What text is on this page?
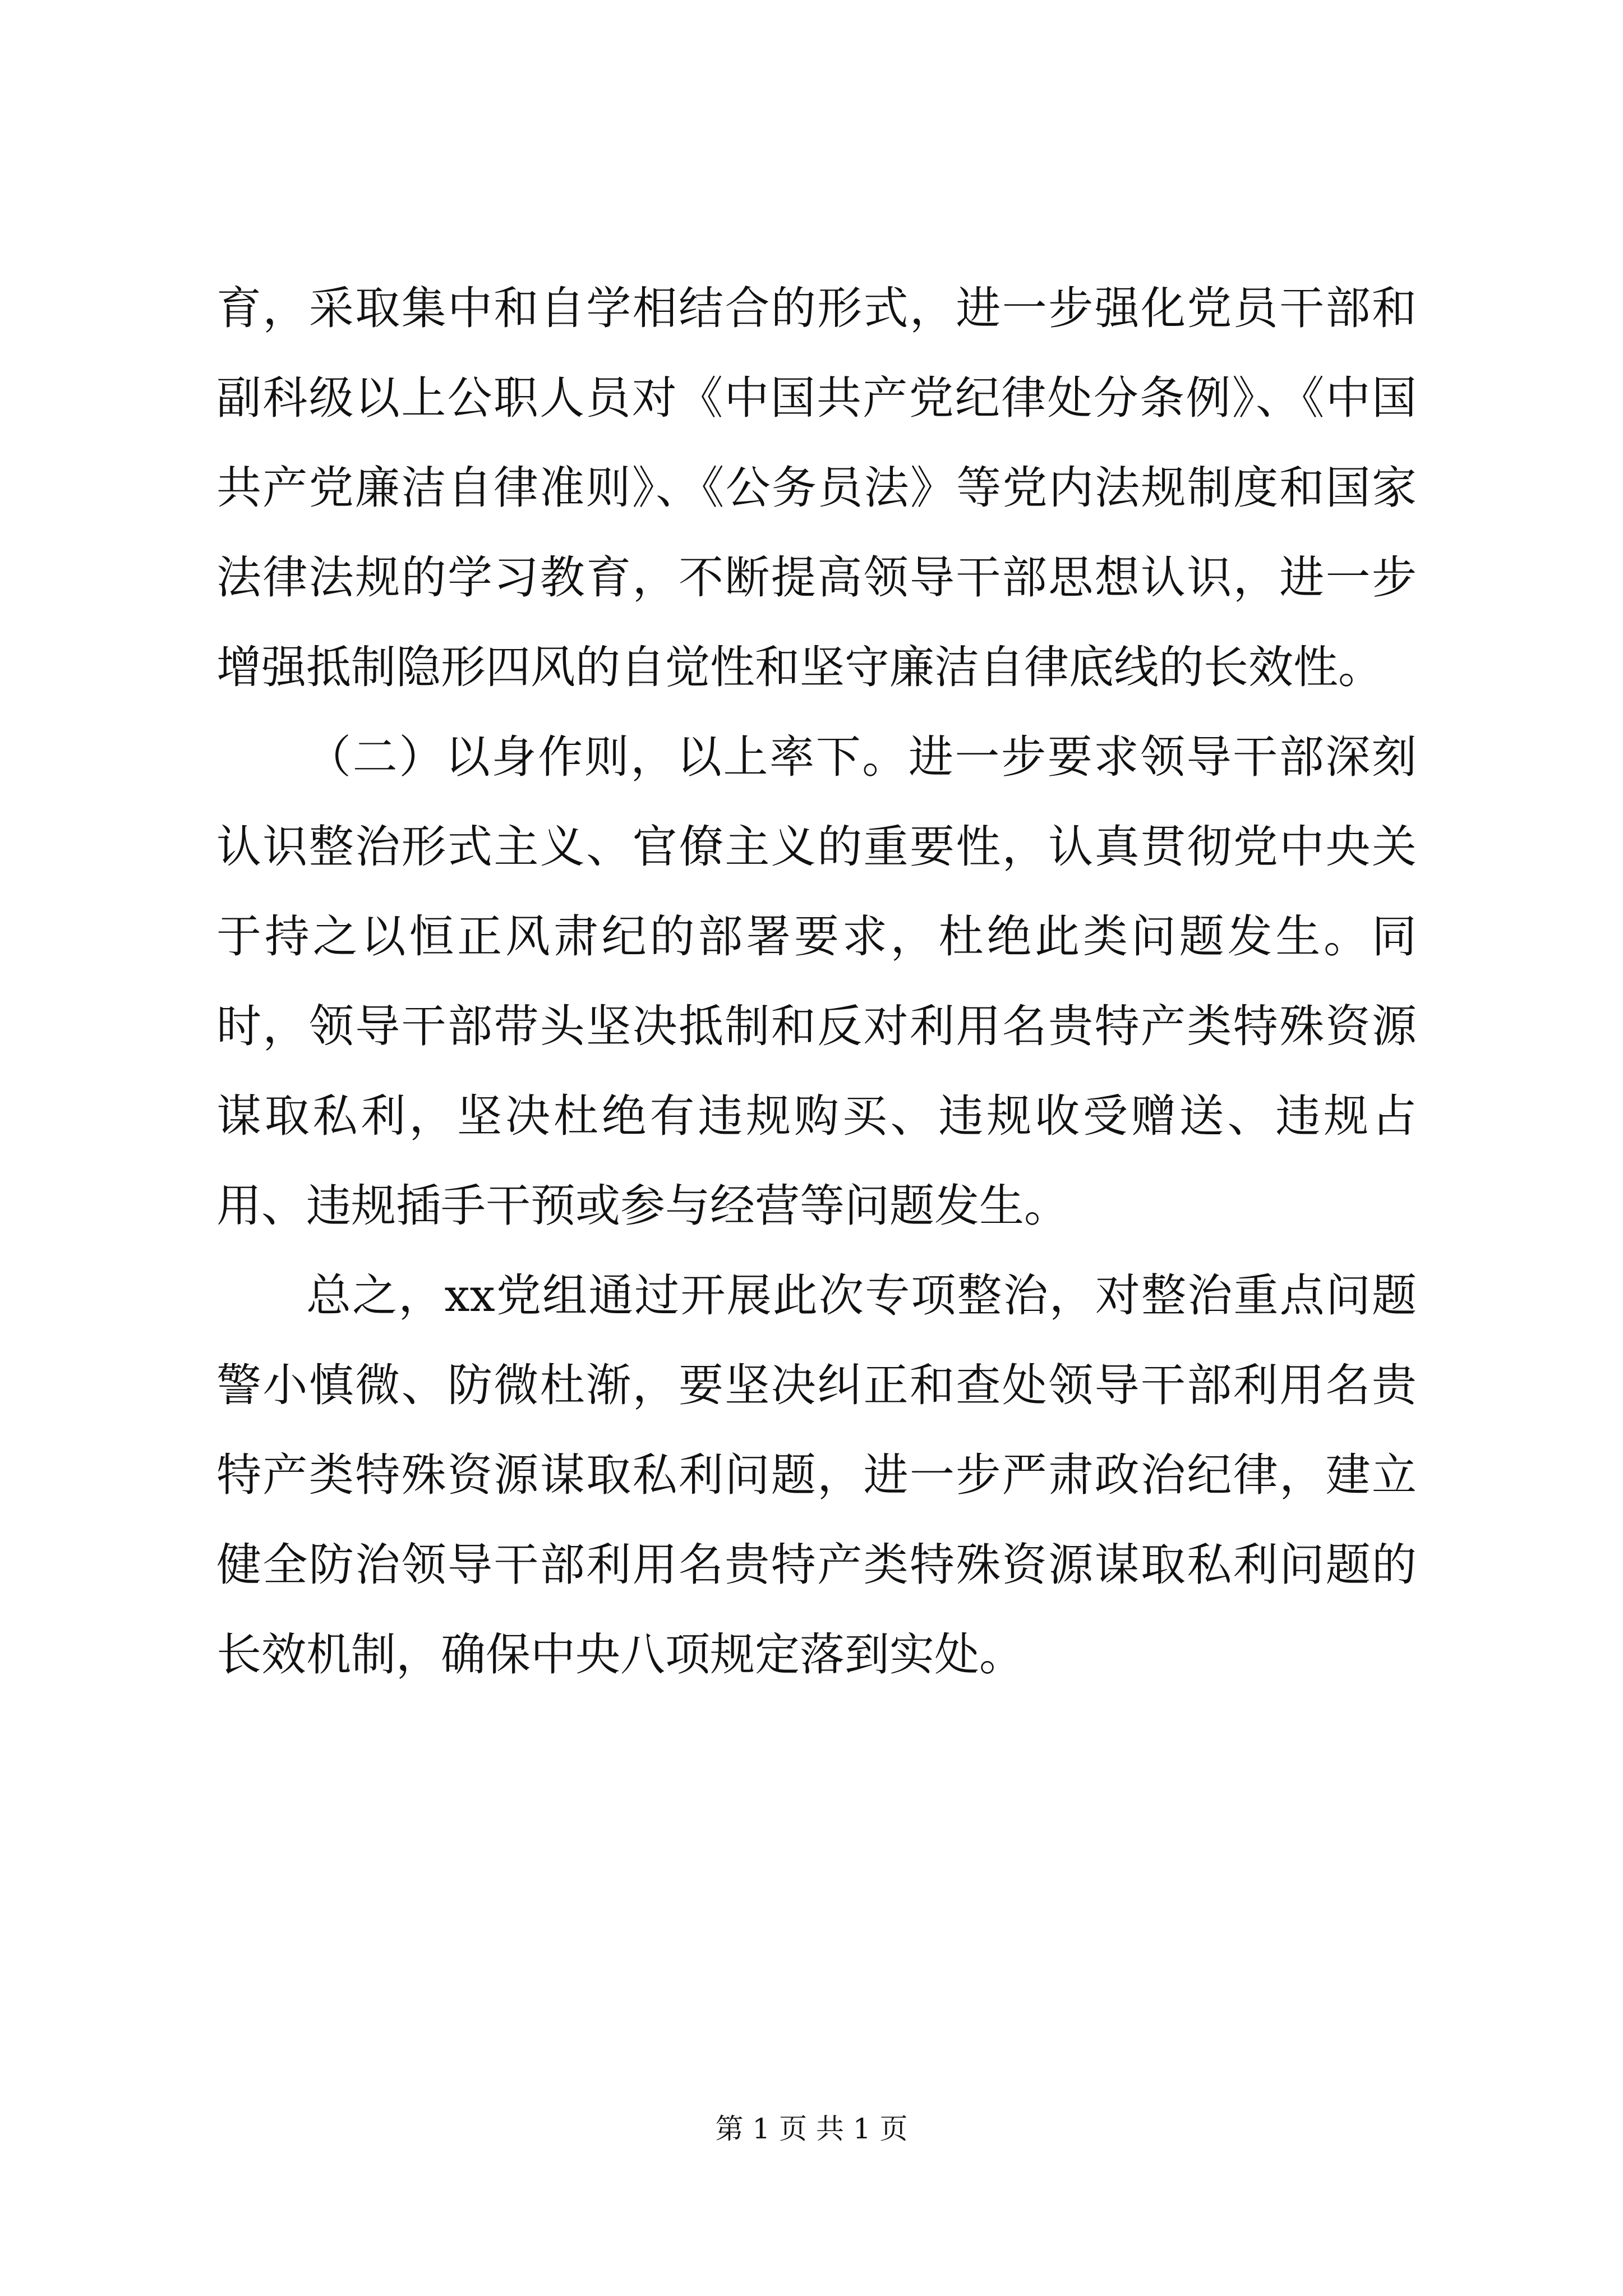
育，采取集中和自学相结合的形式，进一步强化党员干部和副科级以上公职人员对《中国共产党纪律处分条例》、《中国共产党廉洁自律准则》、《公务员法》等党内法规制度和国家法律法规的学习教育，不断提高领导干部思想认识，进一步增强抵制隐形四风的自觉性和坚守廉洁自律底线的长效性。

（二）以身作则，以上率下。进一步要求领导干部深刻认识整治形式主义、官僚主义的重要性，认真贯彻党中央关于持之以恒正风肃纪的部署要求，杜绝此类问题发生。同时，领导干部带头坚决抵制和反对利用名贵特产类特殊资源谋取私利，坚决杜绝有违规购买、违规收受赠送、违规占用、违规插手干预或参与经营等问题发生。

总之，xx党组通过开展此次专项整治，对整治重点问题警小慎微、防微杜渐，要坚决纠正和查处领导干部利用名贵特产类特殊资源谋取私利问题，进一步严肃政治纪律，建立健全防治领导干部利用名贵特产类特殊资源谋取私利问题的长效机制，确保中央八项规定落到实处。

第 1 页 共 1 页
